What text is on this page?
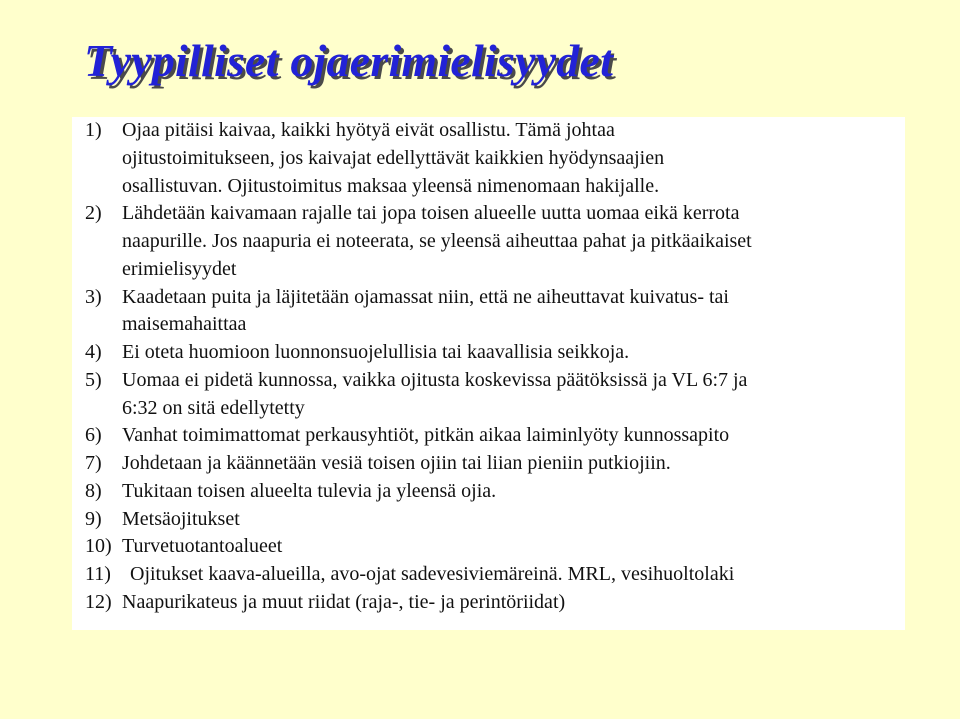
Tyypilliset ojaerimielisyydet
1)	Ojaa pitäisi kaivaa, kaikki hyötyä eivät osallistu. Tämä johtaa
ojitustoimitukseen, jos kaivajat edellyttävät kaikkien hyödynsaajien
osallistuvan. Ojitustoimitus maksaa yleensä nimenomaan hakijalle.
2)	Lähdetään kaivamaan rajalle tai jopa toisen alueelle uutta uomaa eikä kerrota
naapurille. Jos naapuria ei noteerata, se yleensä aiheuttaa pahat ja pitkäaikaiset
erimielisyydet
3)	Kaadetaan puita ja läjitetään ojamassat niin, että ne aiheuttavat kuivatus- tai
maisemahaittaa
4)	Ei oteta huomioon luonnonsuojelullisia tai kaavallisia seikkoja.
5)	Uomaa ei pidetä kunnossa, vaikka ojitusta koskevissa päätöksissä ja VL 6:7 ja
6:32 on sitä edellytetty
6)	Vanhat toimimattomat perkausyhtiöt, pitkän aikaa laiminlyöty kunnossapito
7)	Johdetaan ja käännetään vesiä toisen ojiin tai liian pieniin putkiojiin.
8)	Tukitaan toisen alueelta tulevia ja yleensä ojia.
9)	Metsäojitukset
10) Turvetuotantoalueet
11) Ojitukset kaava-alueilla, avo-ojat sadevesiviemäreinä. MRL, vesihuoltolaki
12) Naapurikateus ja muut riidat (raja-, tie- ja perintöriidat)
